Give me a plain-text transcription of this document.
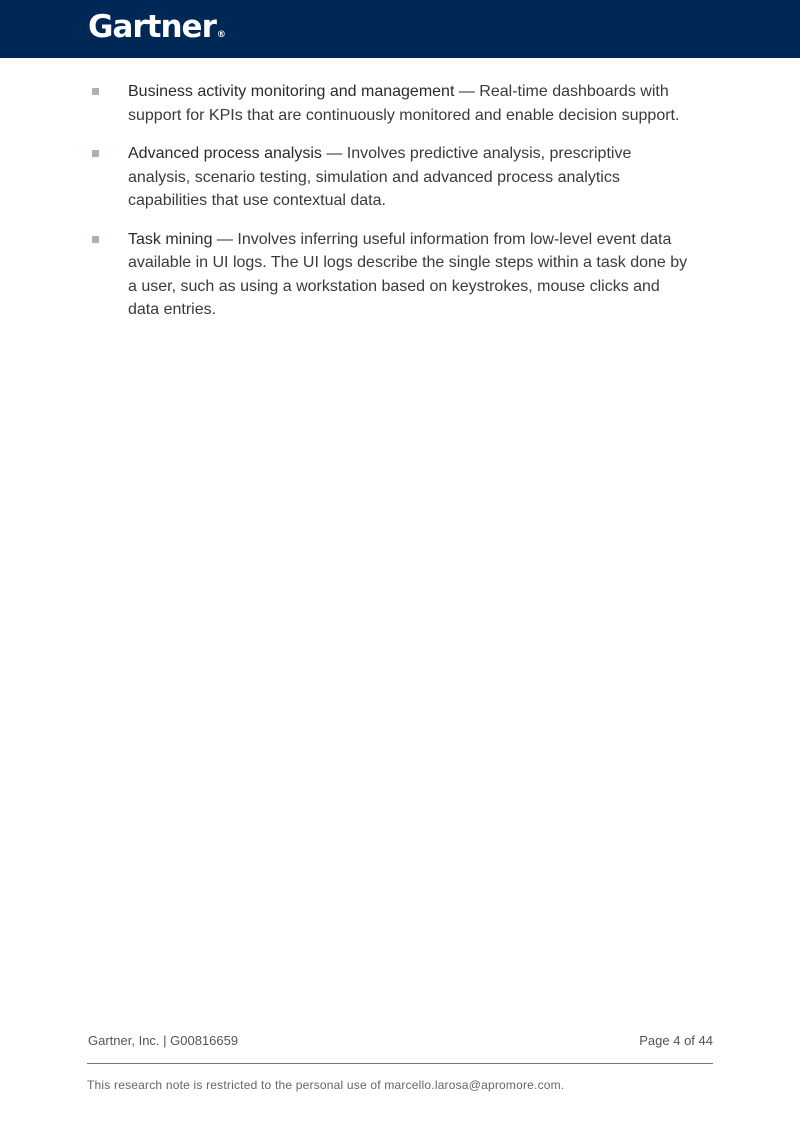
Gartner ®
Business activity monitoring and management — Real-time dashboards with support for KPIs that are continuously monitored and enable decision support.
Advanced process analysis — Involves predictive analysis, prescriptive analysis, scenario testing, simulation and advanced process analytics capabilities that use contextual data.
Task mining — Involves inferring useful information from low-level event data available in UI logs. The UI logs describe the single steps within a task done by a user, such as using a workstation based on keystrokes, mouse clicks and data entries.
Gartner, Inc. | G00816659	Page 4 of 44
This research note is restricted to the personal use of marcello.larosa@apromore.com.
